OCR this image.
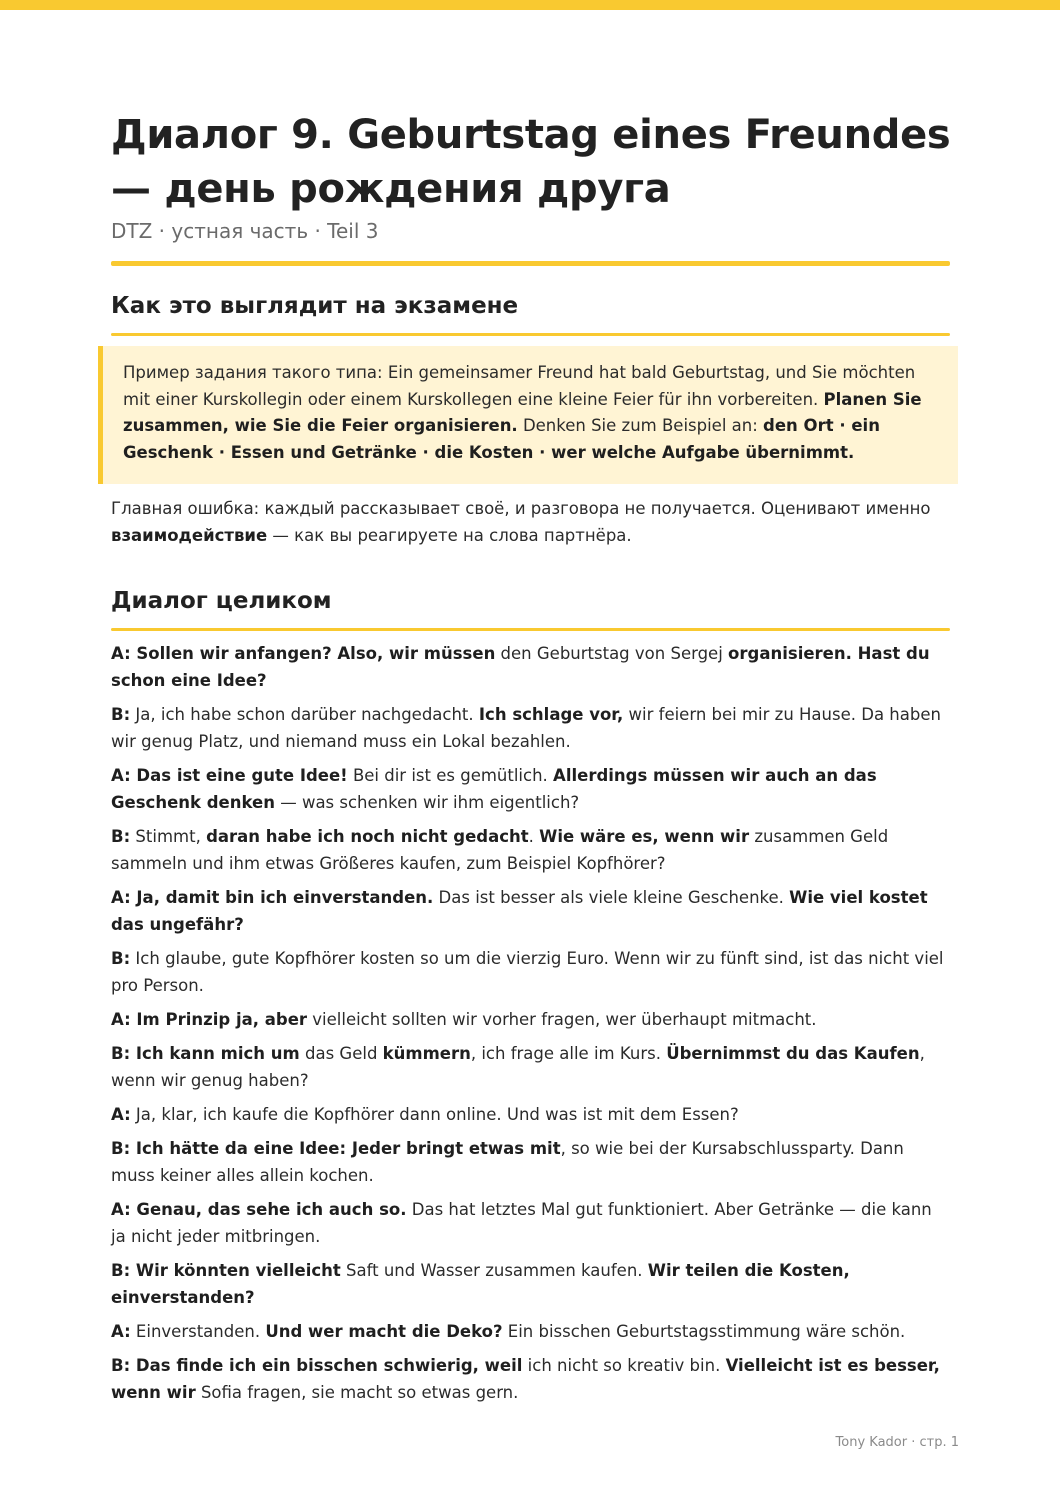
Диалог 9. Geburtstag eines Freundes — день рождения друга
DTZ · устная часть · Teil 3
Как это выглядит на экзамене
Пример задания такого типа: Ein gemeinsamer Freund hat bald Geburtstag, und Sie möchten mit einer Kurskollegin oder einem Kurskollegen eine kleine Feier für ihn vorbereiten. Planen Sie zusammen, wie Sie die Feier organisieren. Denken Sie zum Beispiel an: den Ort · ein Geschenk · Essen und Getränke · die Kosten · wer welche Aufgabe übernimmt.

Главная ошибка: каждый рассказывает своё, и разговора не получается. Оценивают именно взаимодействие — как вы реагируете на слова партнёра.

Диалог целиком

A: Sollen wir anfangen? Also, wir müssen den Geburtstag von Sergej organisieren. Hast du schon eine Idee?

B: Ja, ich habe schon darüber nachgedacht. Ich schlage vor, wir feiern bei mir zu Hause. Da haben wir genug Platz, und niemand muss ein Lokal bezahlen.

A: Das ist eine gute Idee! Bei dir ist es gemütlich. Allerdings müssen wir auch an das Geschenk denken — was schenken wir ihm eigentlich?

B: Stimmt, daran habe ich noch nicht gedacht. Wie wäre es, wenn wir zusammen Geld sammeln und ihm etwas Größeres kaufen, zum Beispiel Kopfhörer?

A: Ja, damit bin ich einverstanden. Das ist besser als viele kleine Geschenke. Wie viel kostet das ungefähr?

B: Ich glaube, gute Kopfhörer kosten so um die vierzig Euro. Wenn wir zu fünft sind, ist das nicht viel pro Person.

A: Im Prinzip ja, aber vielleicht sollten wir vorher fragen, wer überhaupt mitmacht.

B: Ich kann mich um das Geld kümmern, ich frage alle im Kurs. Übernimmst du das Kaufen, wenn wir genug haben?

A: Ja, klar, ich kaufe die Kopfhörer dann online. Und was ist mit dem Essen?

B: Ich hätte da eine Idee: Jeder bringt etwas mit, so wie bei der Kursabschlussparty. Dann muss keiner alles allein kochen.

A: Genau, das sehe ich auch so. Das hat letztes Mal gut funktioniert. Aber Getränke — die kann ja nicht jeder mitbringen.

B: Wir könnten vielleicht Saft und Wasser zusammen kaufen. Wir teilen die Kosten, einverstanden?

A: Einverstanden. Und wer macht die Deko? Ein bisschen Geburtstagsstimmung wäre schön.

B: Das finde ich ein bisschen schwierig, weil ich nicht so kreativ bin. Vielleicht ist es besser, wenn wir Sofia fragen, sie macht so etwas gern.

Tony Kador · стр. 1
